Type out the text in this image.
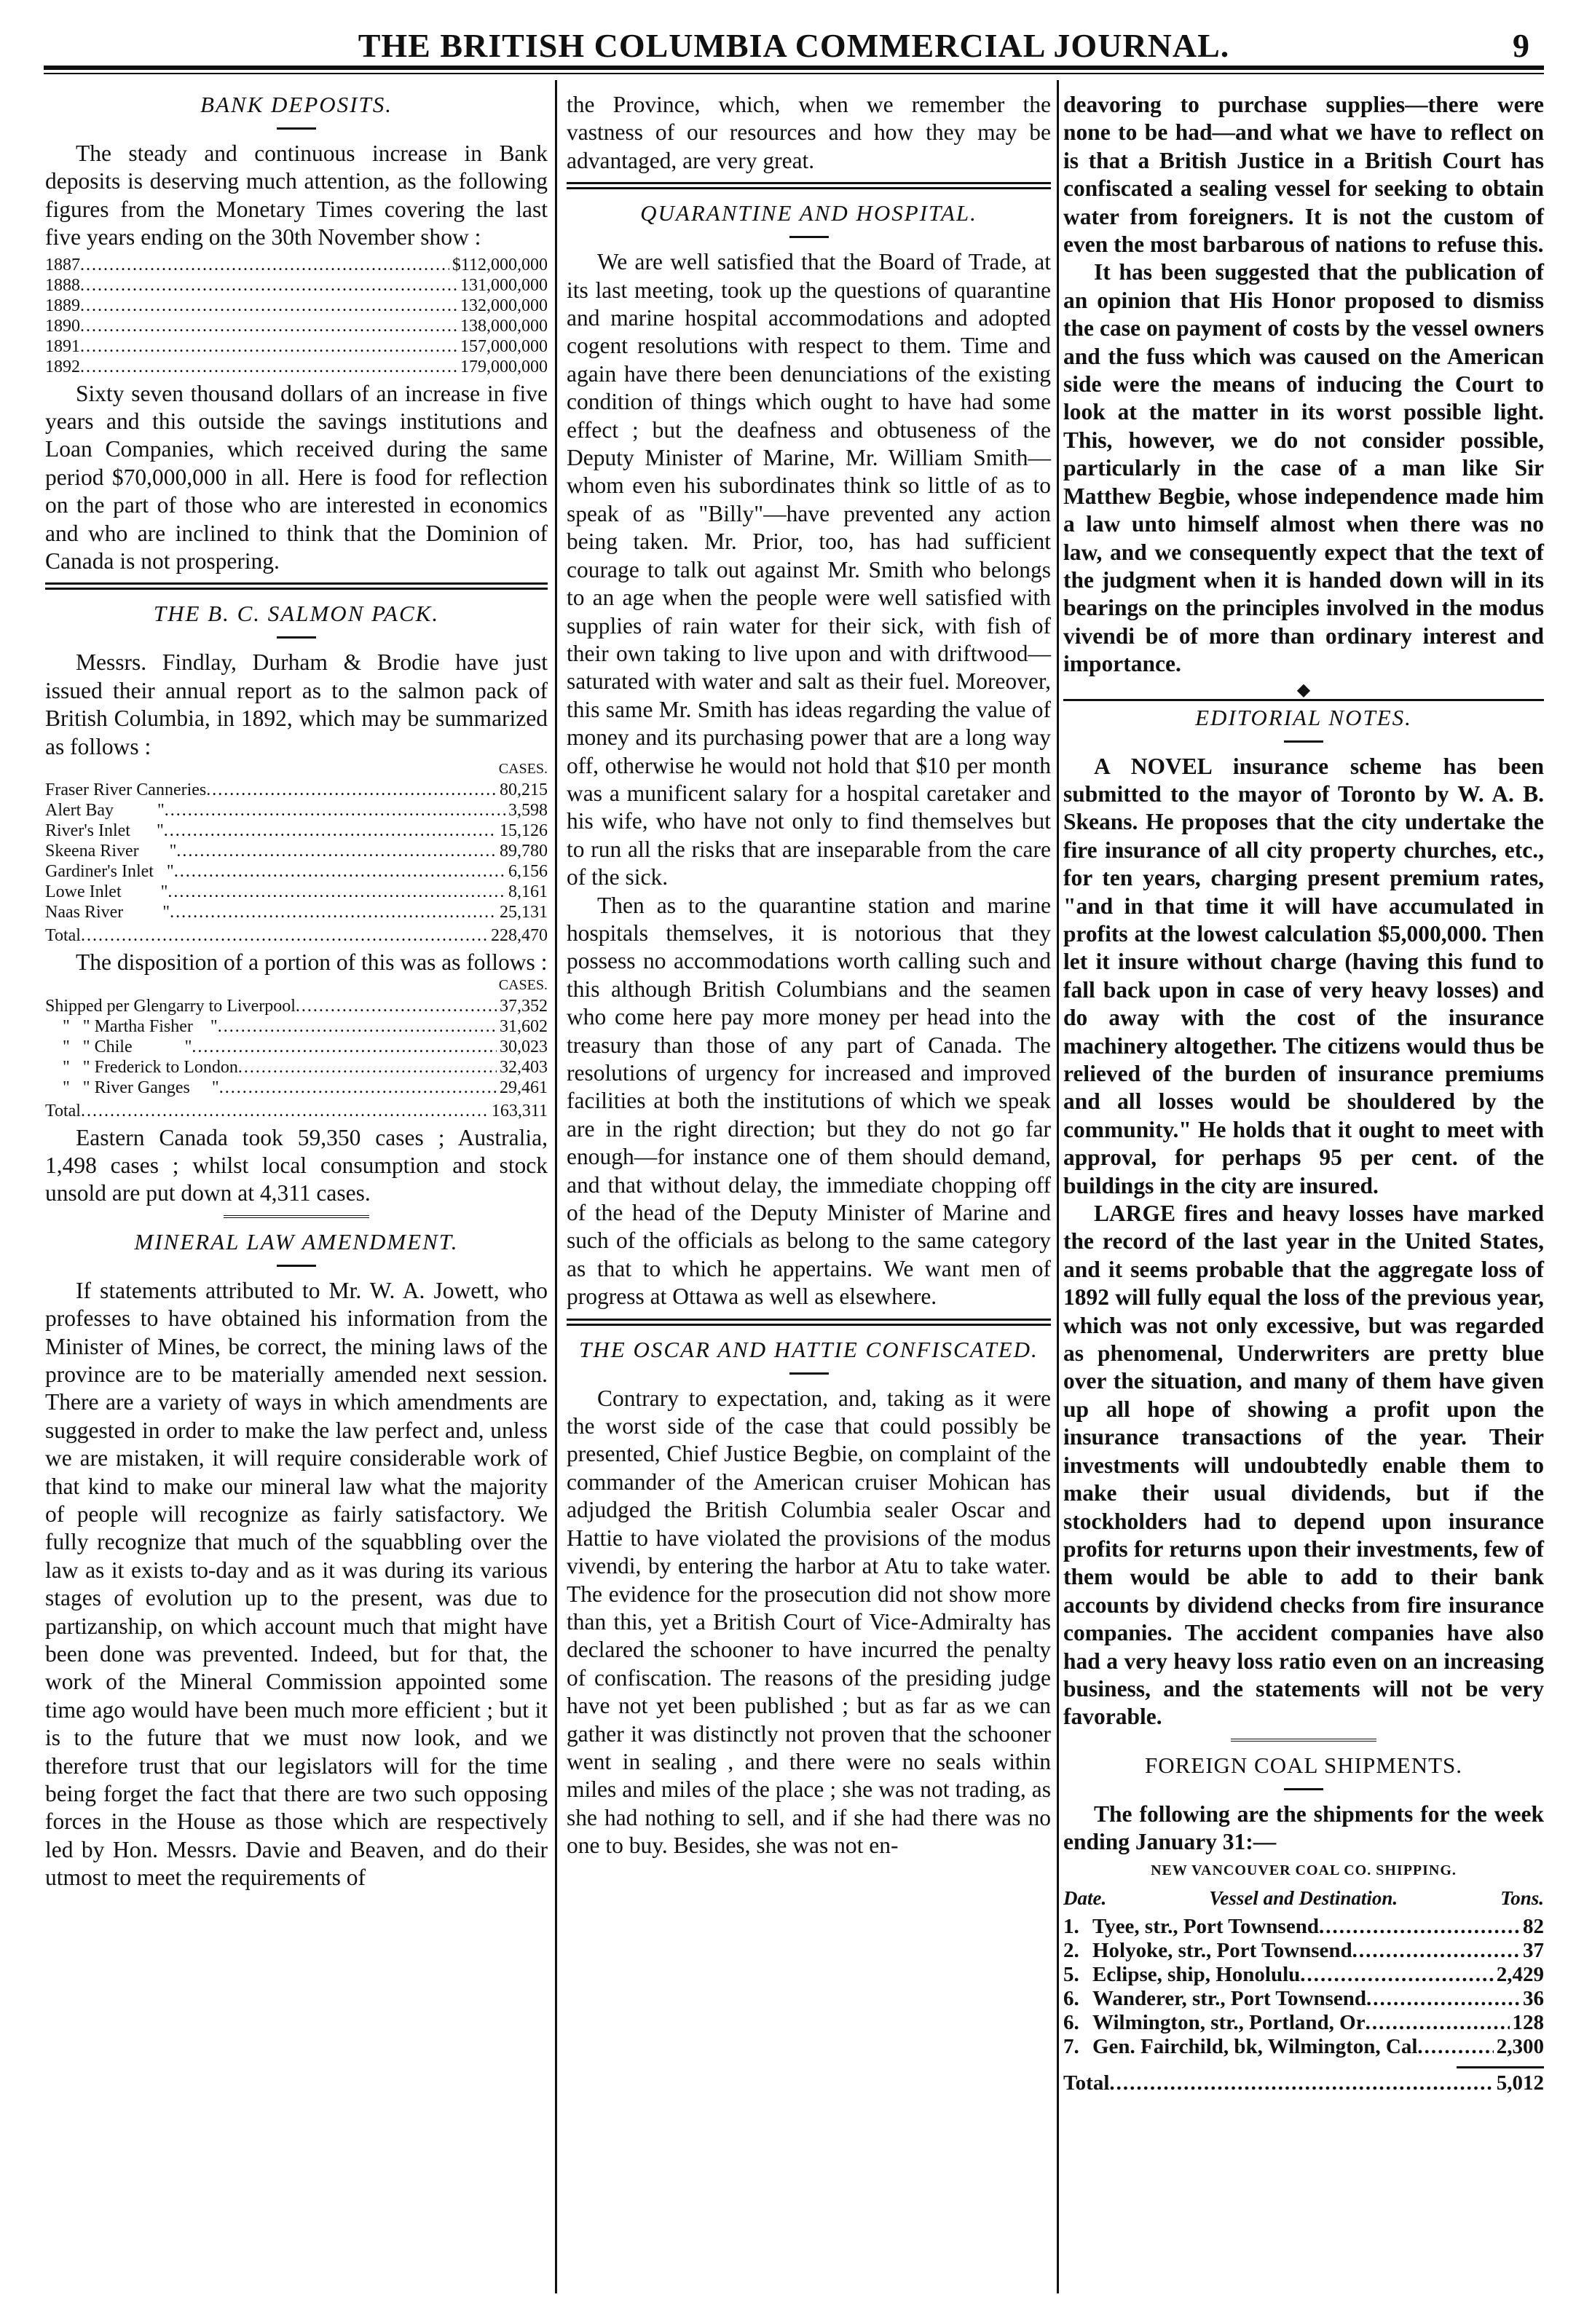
THE BRITISH COLUMBIA COMMERCIAL JOURNAL.	9
BANK DEPOSITS.

The steady and continuous increase in Bank deposits is deserving much attention, as the following figures from the Monetary Times covering the last five years ending on the 30th November show :

1887 .....	$112,000,000
1888 .....	131,000,000
1889 .....	132,000,000
1890 .....	138,000,000
1891 .....	157,000,000
1892 .....	179,000,000

Sixty seven thousand dollars of an increase in five years and this outside the savings institutions and Loan Companies, which received during the same period $70,000,000 in all. Here is food for reflection on the part of those who are interested in economics and who are inclined to think that the Dominion of Canada is not prospering.

THE B. C. SALMON PACK.

Messrs. Findlay, Durham & Brodie have just issued their annual report as to the salmon pack of British Columbia, in 1892, which may be summarized as follows :

CASES.
Fraser River Canneries .....	80,215
Alert Bay          " .....	3,598
River's Inlet      " .....	15,126
Skeena River       " .....	89,780
Gardiner's Inlet   " .....	6,156
Lowe Inlet         " .....	8,161
Naas River         " .....	25,131
Total .....	228,470

The disposition of a portion of this was as follows :

CASES.
Shipped per Glengarry to Liverpool .....	37,352
"   " Martha Fisher    " .....	31,602
"   " Chile            " .....	30,023
"   " Frederick to London .....	32,403
"   " River Ganges     " .....	29,461
Total .....	163,311

Eastern Canada took 59,350 cases ; Australia, 1,498 cases ; whilst local consumption and stock unsold are put down at 4,311 cases.

MINERAL LAW AMENDMENT.

If statements attributed to Mr. W. A. Jowett, who professes to have obtained his information from the Minister of Mines, be correct, the mining laws of the province are to be materially amended next session. There are a variety of ways in which amendments are suggested in order to make the law perfect and, unless we are mistaken, it will require considerable work of that kind to make our mineral law what the majority of people will recognize as fairly satisfactory. We fully recognize that much of the squabbling over the law as it exists to-day and as it was during its various stages of evolution up to the present, was due to partizanship, on which account much that might have been done was prevented. Indeed, but for that, the work of the Mineral Commission appointed some time ago would have been much more efficient ; but it is to the future that we must now look, and we therefore trust that our legislators will for the time being forget the fact that there are two such opposing forces in the House as those which are respectively led by Hon. Messrs. Davie and Beaven, and do their utmost to meet the requirements of

the Province, which, when we remember the vastness of our resources and how they may be advantaged, are very great.

QUARANTINE AND HOSPITAL.

We are well satisfied that the Board of Trade, at its last meeting, took up the questions of quarantine and marine hospital accommodations and adopted cogent resolutions with respect to them. Time and again have there been denunciations of the existing condition of things which ought to have had some effect ; but the deafness and obtuseness of the Deputy Minister of Marine, Mr. William Smith—whom even his subordinates think so little of as to speak of as "Billy"—have prevented any action being taken. Mr. Prior, too, has had sufficient courage to talk out against Mr. Smith who belongs to an age when the people were well satisfied with supplies of rain water for their sick, with fish of their own taking to live upon and with driftwood—saturated with water and salt as their fuel. Moreover, this same Mr. Smith has ideas regarding the value of money and its purchasing power that are a long way off, otherwise he would not hold that $10 per month was a munificent salary for a hospital caretaker and his wife, who have not only to find themselves but to run all the risks that are inseparable from the care of the sick.

Then as to the quarantine station and marine hospitals themselves, it is notorious that they possess no accommodations worth calling such and this although British Columbians and the seamen who come here pay more money per head into the treasury than those of any part of Canada. The resolutions of urgency for increased and improved facilities at both the institutions of which we speak are in the right direction; but they do not go far enough—for instance one of them should demand, and that without delay, the immediate chopping off of the head of the Deputy Minister of Marine and such of the officials as belong to the same category as that to which he appertains. We want men of progress at Ottawa as well as elsewhere.

THE OSCAR AND HATTIE CONFISCATED.

Contrary to expectation, and, taking as it were the worst side of the case that could possibly be presented, Chief Justice Begbie, on complaint of the commander of the American cruiser Mohican has adjudged the British Columbia sealer Oscar and Hattie to have violated the provisions of the modus vivendi, by entering the harbor at Atu to take water. The evidence for the prosecution did not show more than this, yet a British Court of Vice-Admiralty has declared the schooner to have incurred the penalty of confiscation. The reasons of the presiding judge have not yet been published ; but as far as we can gather it was distinctly not proven that the schooner went in sealing , and there were no seals within miles and miles of the place ; she was not trading, as she had nothing to sell, and if she had there was no one to buy. Besides, she was not en-

deavoring to purchase supplies—there were none to be had—and what we have to reflect on is that a British Justice in a British Court has confiscated a sealing vessel for seeking to obtain water from foreigners. It is not the custom of even the most barbarous of nations to refuse this.

It has been suggested that the publication of an opinion that His Honor proposed to dismiss the case on payment of costs by the vessel owners and the fuss which was caused on the American side were the means of inducing the Court to look at the matter in its worst possible light. This, however, we do not consider possible, particularly in the case of a man like Sir Matthew Begbie, whose independence made him a law unto himself almost when there was no law, and we consequently expect that the text of the judgment when it is handed down will in its bearings on the principles involved in the modus vivendi be of more than ordinary interest and importance.

◆
EDITORIAL NOTES.

A NOVEL insurance scheme has been submitted to the mayor of Toronto by W. A. B. Skeans. He proposes that the city undertake the fire insurance of all city property churches, etc., for ten years, charging present premium rates, "and in that time it will have accumulated in profits at the lowest calculation $5,000,000. Then let it insure without charge (having this fund to fall back upon in case of very heavy losses) and do away with the cost of the insurance machinery altogether. The citizens would thus be relieved of the burden of insurance premiums and all losses would be shouldered by the community." He holds that it ought to meet with approval, for perhaps 95 per cent. of the buildings in the city are insured.

LARGE fires and heavy losses have marked the record of the last year in the United States, and it seems probable that the aggregate loss of 1892 will fully equal the loss of the previous year, which was not only excessive, but was regarded as phenomenal, Underwriters are pretty blue over the situation, and many of them have given up all hope of showing a profit upon the insurance transactions of the year. Their investments will undoubtedly enable them to make their usual dividends, but if the stockholders had to depend upon insurance profits for returns upon their investments, few of them would be able to add to their bank accounts by dividend checks from fire insurance companies. The accident companies have also had a very heavy loss ratio even on an increasing business, and the statements will not be very favorable.

FOREIGN COAL SHIPMENTS.

The following are the shipments for the week ending January 31:—

NEW VANCOUVER COAL CO. SHIPPING.
Date.	Vessel and Destination.	Tons.
1. Tyee, str., Port Townsend .....	82
2. Holyoke, str., Port Townsend .....	37
5. Eclipse, ship, Honolulu .....	2,429
6. Wanderer, str., Port Townsend .....	36
6. Wilmington, str., Portland, Or .....	128
7. Gen. Fairchild, bk, Wilmington, Cal .....	2,300
Total .....	5,012
